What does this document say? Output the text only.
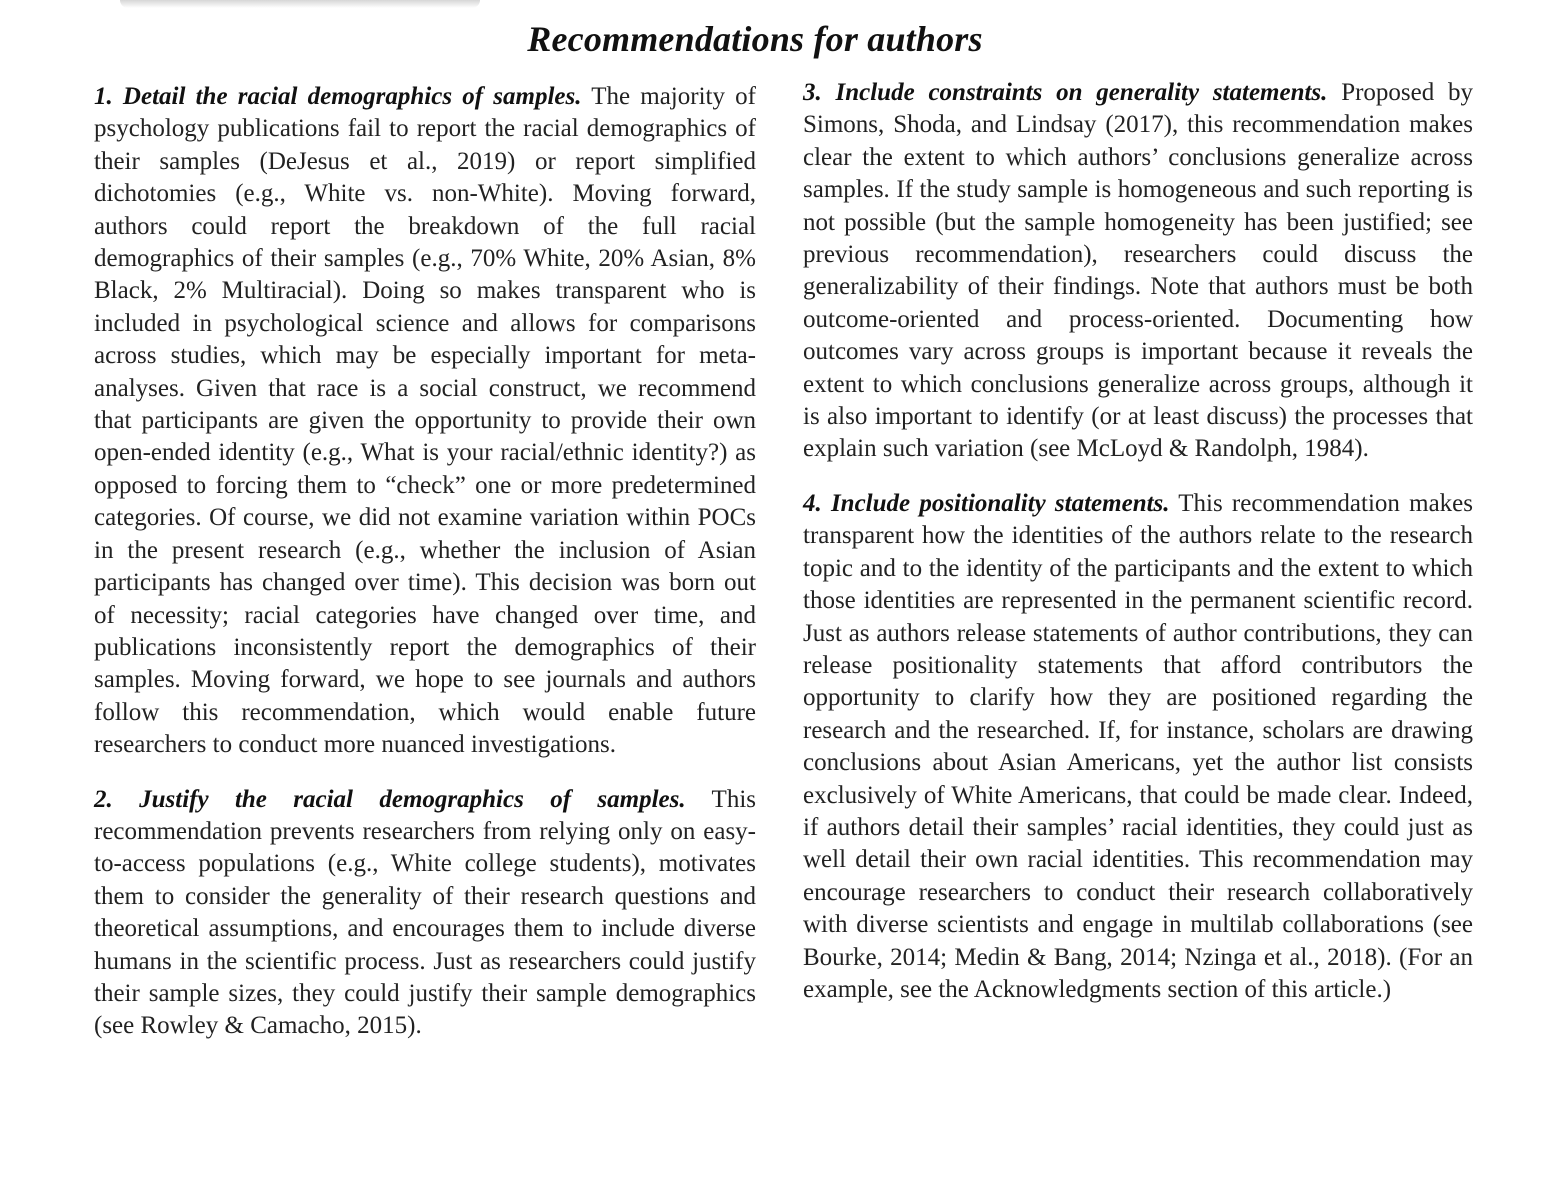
Recommendations for authors

1. Detail the racial demographics of samples. The majority of psychology publications fail to report the racial demographics of their samples (DeJesus et al., 2019) or report simplified dichotomies (e.g., White vs. non-White). Moving forward, authors could report the breakdown of the full racial demographics of their samples (e.g., 70% White, 20% Asian, 8% Black, 2% Multiracial). Doing so makes transparent who is included in psychological science and allows for comparisons across studies, which may be especially important for meta-analyses. Given that race is a social construct, we recommend that participants are given the opportunity to provide their own open-ended identity (e.g., What is your racial/ethnic identity?) as opposed to forcing them to “check” one or more predetermined categories. Of course, we did not examine variation within POCs in the present research (e.g., whether the inclusion of Asian participants has changed over time). This decision was born out of necessity; racial categories have changed over time, and publications inconsistently report the demographics of their samples. Moving forward, we hope to see journals and authors follow this recommendation, which would enable future researchers to conduct more nuanced investigations.

2. Justify the racial demographics of samples. This recommendation prevents researchers from relying only on easy-to-access populations (e.g., White college students), motivates them to consider the generality of their research questions and theoretical assumptions, and encourages them to include diverse humans in the scientific process. Just as researchers could justify their sample sizes, they could justify their sample demographics (see Rowley & Camacho, 2015).

3. Include constraints on generality statements. Proposed by Simons, Shoda, and Lindsay (2017), this recommendation makes clear the extent to which authors’ conclusions generalize across samples. If the study sample is homogeneous and such reporting is not possible (but the sample homogeneity has been justified; see previous recommendation), researchers could discuss the generalizability of their findings. Note that authors must be both outcome-oriented and process-oriented. Documenting how outcomes vary across groups is important because it reveals the extent to which conclusions generalize across groups, although it is also important to identify (or at least discuss) the processes that explain such variation (see McLoyd & Randolph, 1984).

4. Include positionality statements. This recommendation makes transparent how the identities of the authors relate to the research topic and to the identity of the participants and the extent to which those identities are represented in the permanent scientific record. Just as authors release statements of author contributions, they can release positionality statements that afford contributors the opportunity to clarify how they are positioned regarding the research and the researched. If, for instance, scholars are drawing conclusions about Asian Americans, yet the author list consists exclusively of White Americans, that could be made clear. Indeed, if authors detail their samples’ racial identities, they could just as well detail their own racial identities. This recommendation may encourage researchers to conduct their research collaboratively with diverse scientists and engage in multilab collaborations (see Bourke, 2014; Medin & Bang, 2014; Nzinga et al., 2018). (For an example, see the Acknowledgments section of this article.)
